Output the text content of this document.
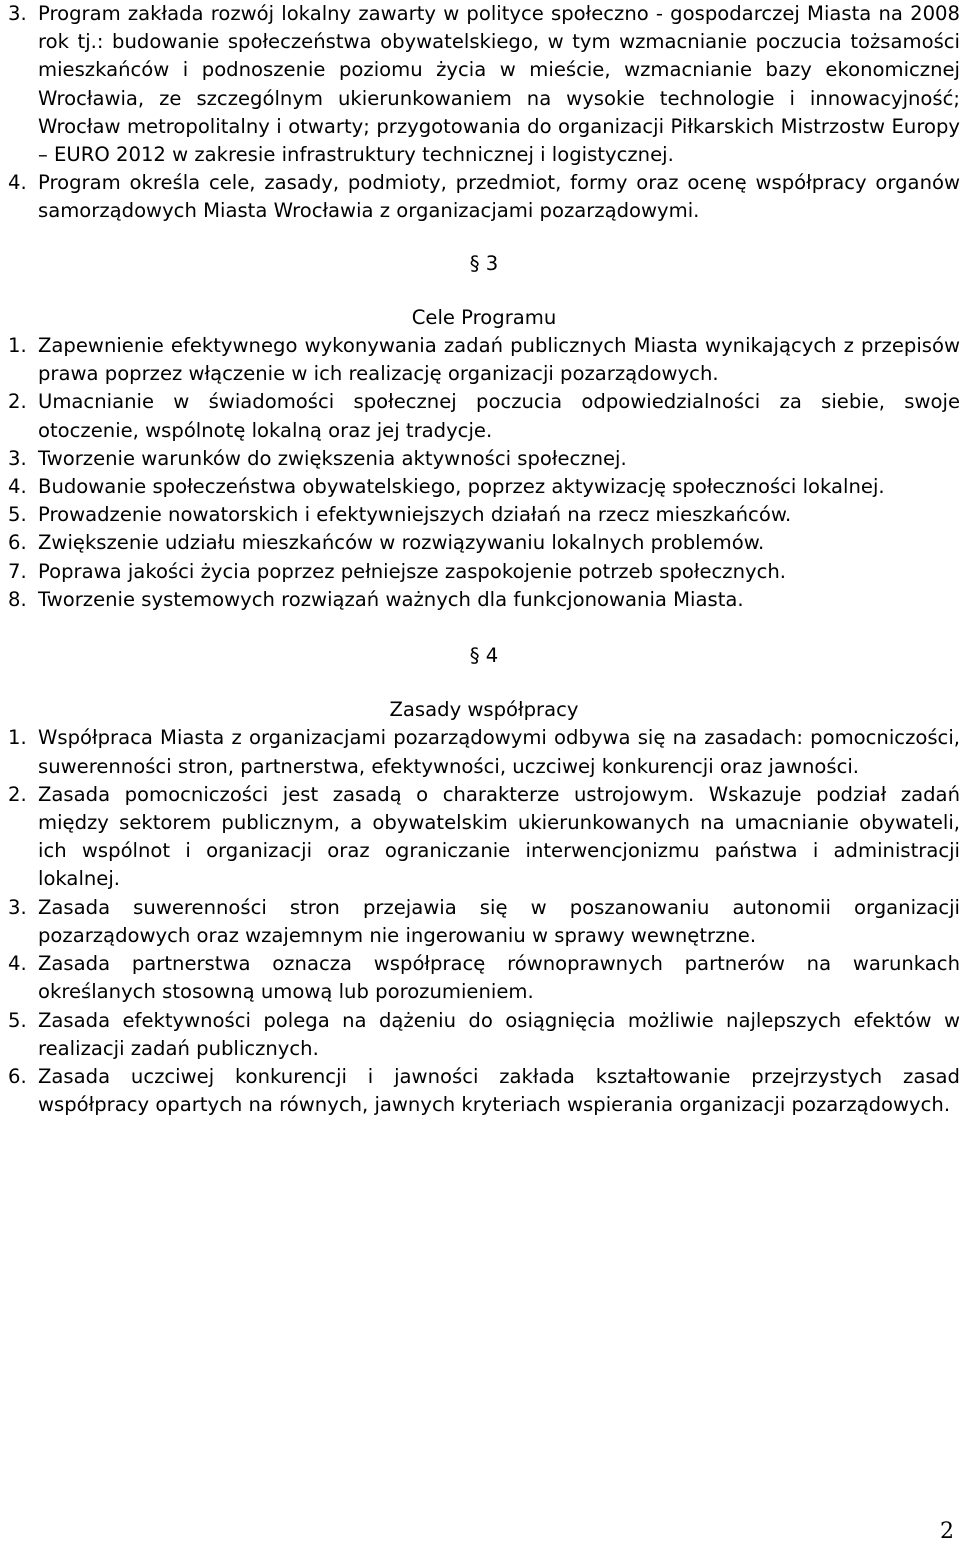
3. Program zakłada rozwój lokalny zawarty w polityce społeczno - gospodarczej Miasta na 2008 rok tj.: budowanie społeczeństwa obywatelskiego, w tym wzmacnianie poczucia tożsamości mieszkańców i podnoszenie poziomu życia w mieście, wzmacnianie bazy ekonomicznej Wrocławia, ze szczególnym ukierunkowaniem na wysokie technologie i innowacyjność; Wrocław metropolitalny i otwarty; przygotowania do organizacji Piłkarskich Mistrzostw Europy – EURO 2012 w zakresie infrastruktury technicznej i logistycznej.
4. Program określa cele, zasady, podmioty, przedmiot, formy oraz ocenę współpracy organów samorządowych Miasta Wrocławia z organizacjami pozarządowymi.
§ 3
Cele Programu
1. Zapewnienie efektywnego wykonywania zadań publicznych Miasta wynikających z przepisów prawa poprzez włączenie w ich realizację organizacji pozarządowych.
2. Umacnianie w świadomości społecznej poczucia odpowiedzialności za siebie, swoje otoczenie, wspólnotę lokalną oraz jej tradycje.
3. Tworzenie warunków do zwiększenia aktywności społecznej.
4. Budowanie społeczeństwa obywatelskiego, poprzez aktywizację społeczności lokalnej.
5. Prowadzenie nowatorskich i efektywniejszych działań na rzecz mieszkańców.
6. Zwiększenie udziału mieszkańców w rozwiązywaniu lokalnych problemów.
7. Poprawa jakości życia poprzez pełniejsze zaspokojenie potrzeb społecznych.
8. Tworzenie systemowych rozwiązań ważnych dla funkcjonowania Miasta.
§ 4
Zasady współpracy
1. Współpraca Miasta z organizacjami pozarządowymi odbywa się na zasadach: pomocniczości, suwerenności stron, partnerstwa, efektywności, uczciwej konkurencji oraz jawności.
2. Zasada pomocniczości jest zasadą o charakterze ustrojowym. Wskazuje podział zadań między sektorem publicznym, a obywatelskim ukierunkowanych na umacnianie obywateli, ich wspólnot i organizacji oraz ograniczanie interwencjonizmu państwa i administracji lokalnej.
3. Zasada suwerenności stron przejawia się w poszanowaniu autonomii organizacji pozarządowych oraz wzajemnym nie ingerowaniu w sprawy wewnętrzne.
4. Zasada partnerstwa oznacza współpracę równoprawnych partnerów na warunkach określanych stosowną umową lub porozumieniem.
5. Zasada efektywności polega na dążeniu do osiągnięcia możliwie najlepszych efektów w realizacji zadań publicznych.
6. Zasada uczciwej konkurencji i jawności zakłada kształtowanie przejrzystych zasad współpracy opartych na równych, jawnych kryteriach wspierania organizacji pozarządowych.
2
